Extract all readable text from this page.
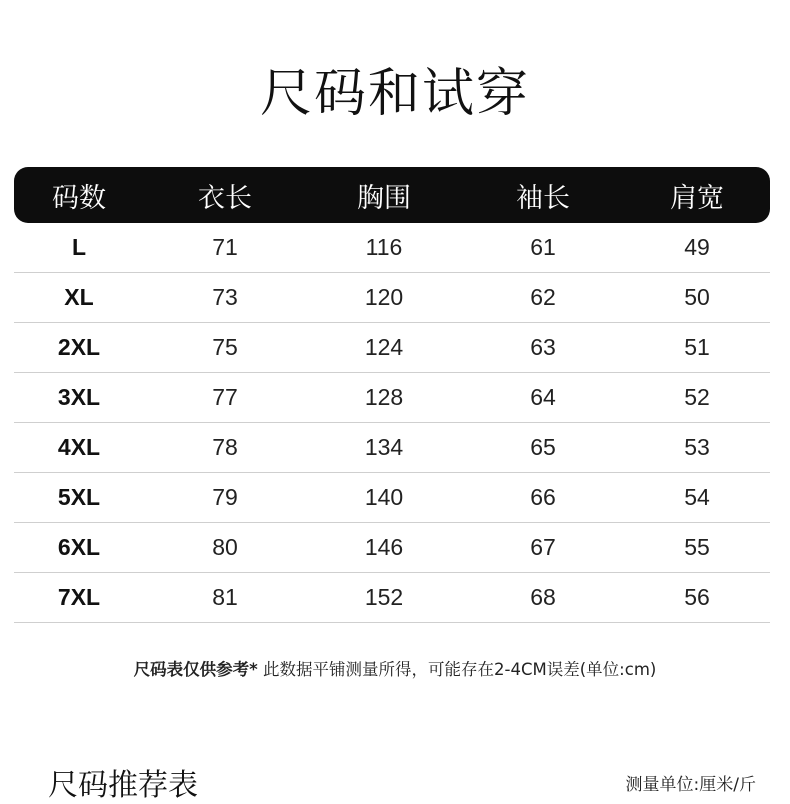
尺码和试穿
码数	衣长	胸围	袖长	肩宽
L	71	116	61	49
XL	73	120	62	50
2XL	75	124	63	51
3XL	77	128	64	52
4XL	78	134	65	53
5XL	79	140	66	54
6XL	80	146	67	55
7XL	81	152	68	56
尺码表仅供参考* 此数据平铺测量所得，可能存在2-4CM误差(单位:cm)
尺码推荐表	测量单位:厘米/斤
